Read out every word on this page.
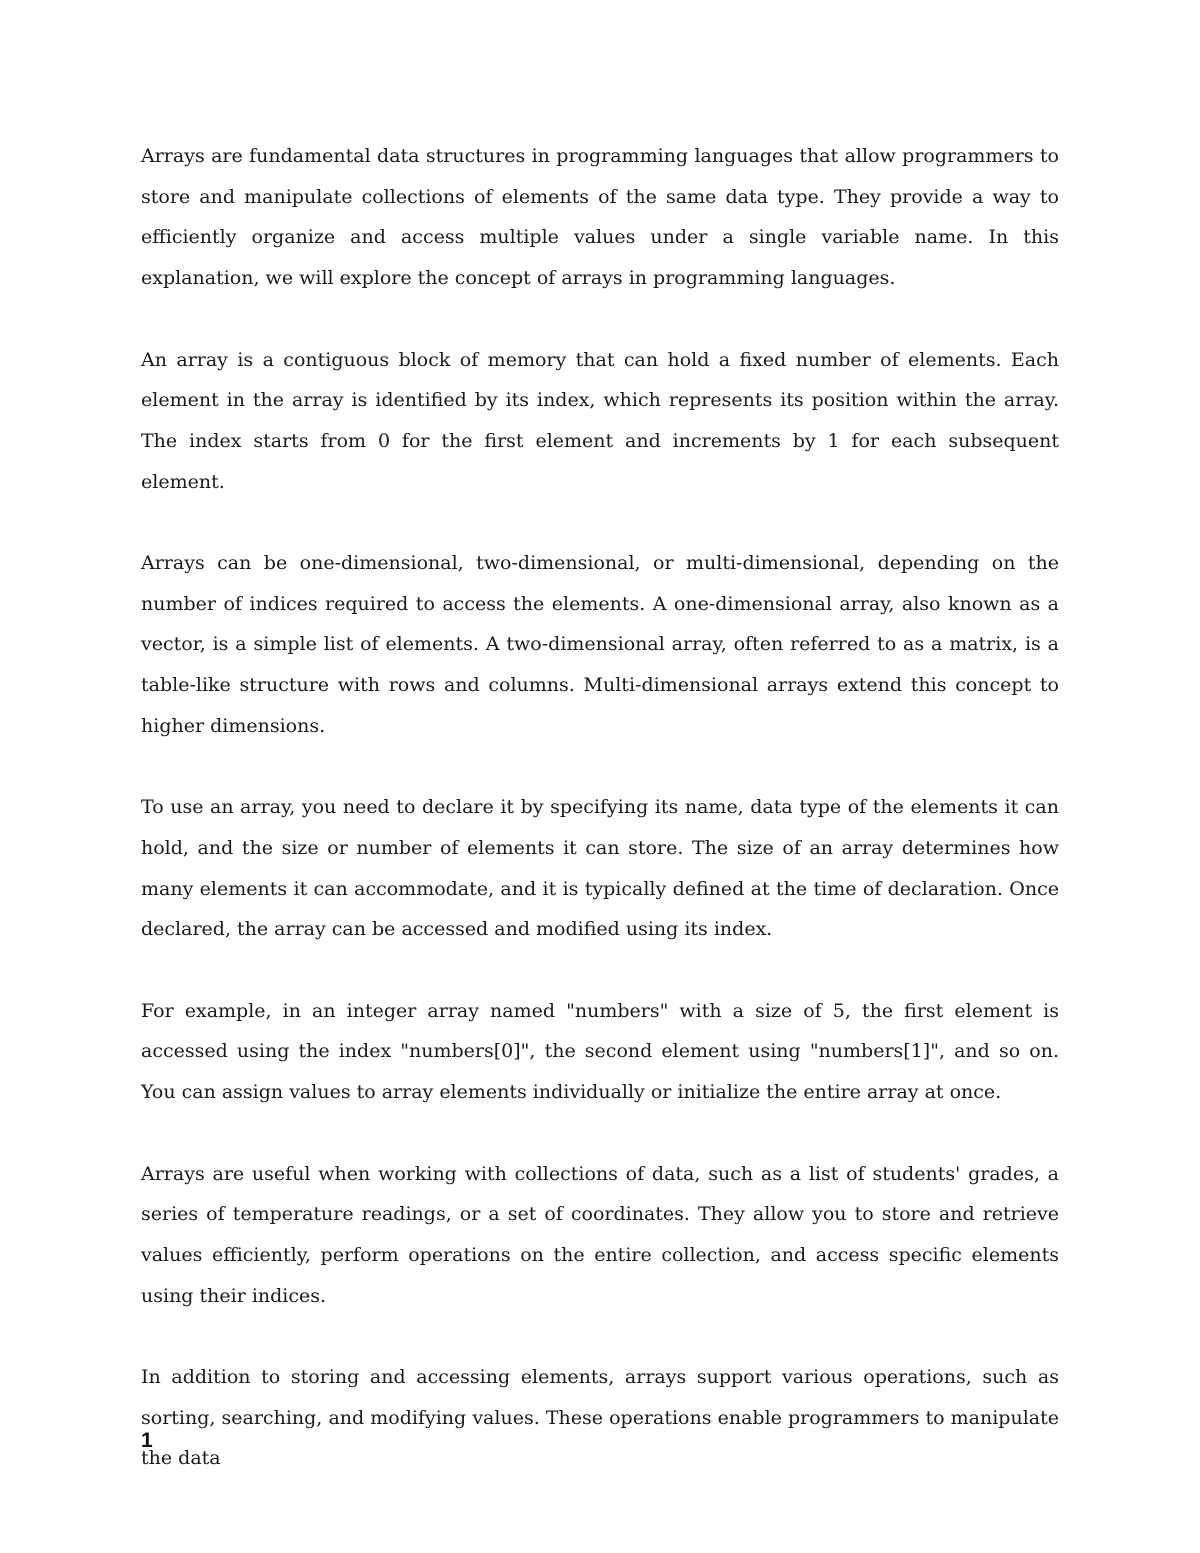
Arrays are fundamental data structures in programming languages that allow programmers to store and manipulate collections of elements of the same data type. They provide a way to efficiently organize and access multiple values under a single variable name. In this explanation, we will explore the concept of arrays in programming languages.

An array is a contiguous block of memory that can hold a fixed number of elements. Each element in the array is identified by its index, which represents its position within the array. The index starts from 0 for the first element and increments by 1 for each subsequent element.

Arrays can be one-dimensional, two-dimensional, or multi-dimensional, depending on the number of indices required to access the elements. A one-dimensional array, also known as a vector, is a simple list of elements. A two-dimensional array, often referred to as a matrix, is a table-like structure with rows and columns. Multi-dimensional arrays extend this concept to higher dimensions.

To use an array, you need to declare it by specifying its name, data type of the elements it can hold, and the size or number of elements it can store. The size of an array determines how many elements it can accommodate, and it is typically defined at the time of declaration. Once declared, the array can be accessed and modified using its index.

For example, in an integer array named "numbers" with a size of 5, the first element is accessed using the index "numbers[0]", the second element using "numbers[1]", and so on. You can assign values to array elements individually or initialize the entire array at once.

Arrays are useful when working with collections of data, such as a list of students' grades, a series of temperature readings, or a set of coordinates. They allow you to store and retrieve values efficiently, perform operations on the entire collection, and access specific elements using their indices.

In addition to storing and accessing elements, arrays support various operations, such as sorting, searching, and modifying values. These operations enable programmers to manipulate the data

1
